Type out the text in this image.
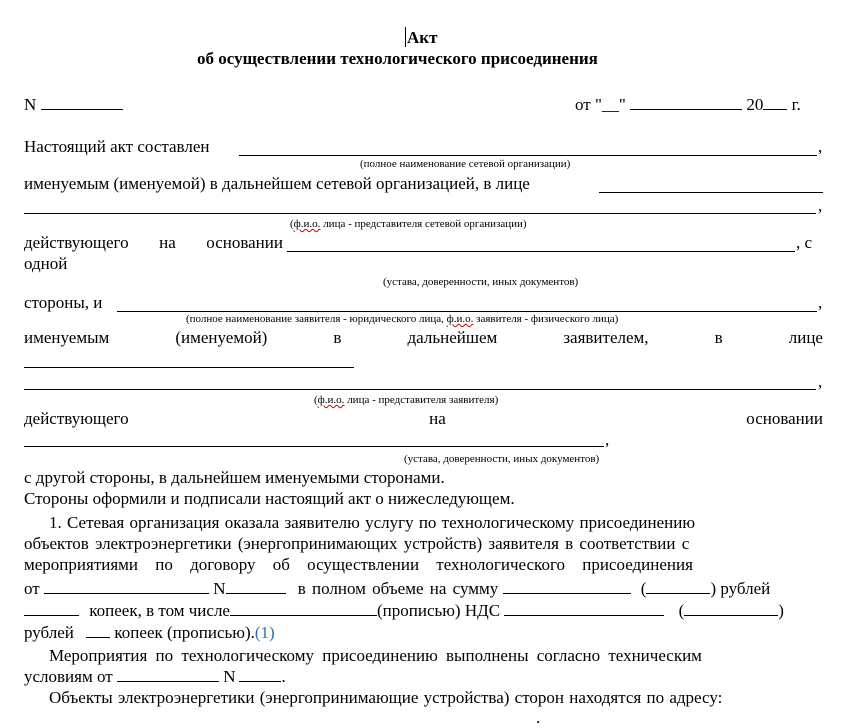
Акт
об осуществлении технологического присоединения
N	от "__"	20 г.
Настоящий акт составлен	,
(полное наименование сетевой организации)
именуемым (именуемой) в дальнейшем сетевой организацией, в лице
,
(ф.и.о. лица - представителя сетевой организации)
действующего на основании	, с
одной
(устава, доверенности, иных документов)
стороны, и	,
(полное наименование заявителя - юридического лица, ф.и.о. заявителя - физического лица)
именуемым	(именуемой)	в	дальнейшем	заявителем,	в	лице
,
(ф.и.о. лица - представителя заявителя)
действующего	на	основании
,
(устава, доверенности, иных документов)
с другой стороны, в дальнейшем именуемыми сторонами.
Стороны оформили и подписали настоящий акт о нижеследующем.
1. Сетевая организация оказала заявителю услугу по технологическому присоединению
объектов электроэнергетики (энергопринимающих устройств) заявителя в соответствии с
мероприятиями по договору об осуществлении технологического присоединения
от	N	в полном объеме на сумму	(	) рублей
копеек, в том числе	(прописью) НДС	(	)
рублей копеек (прописью).(1)
Мероприятия по технологическому присоединению выполнены согласно техническим
условиям от	N	.
Объекты электроэнергетики (энергопринимающие устройства) сторон находятся по адресу:
.
